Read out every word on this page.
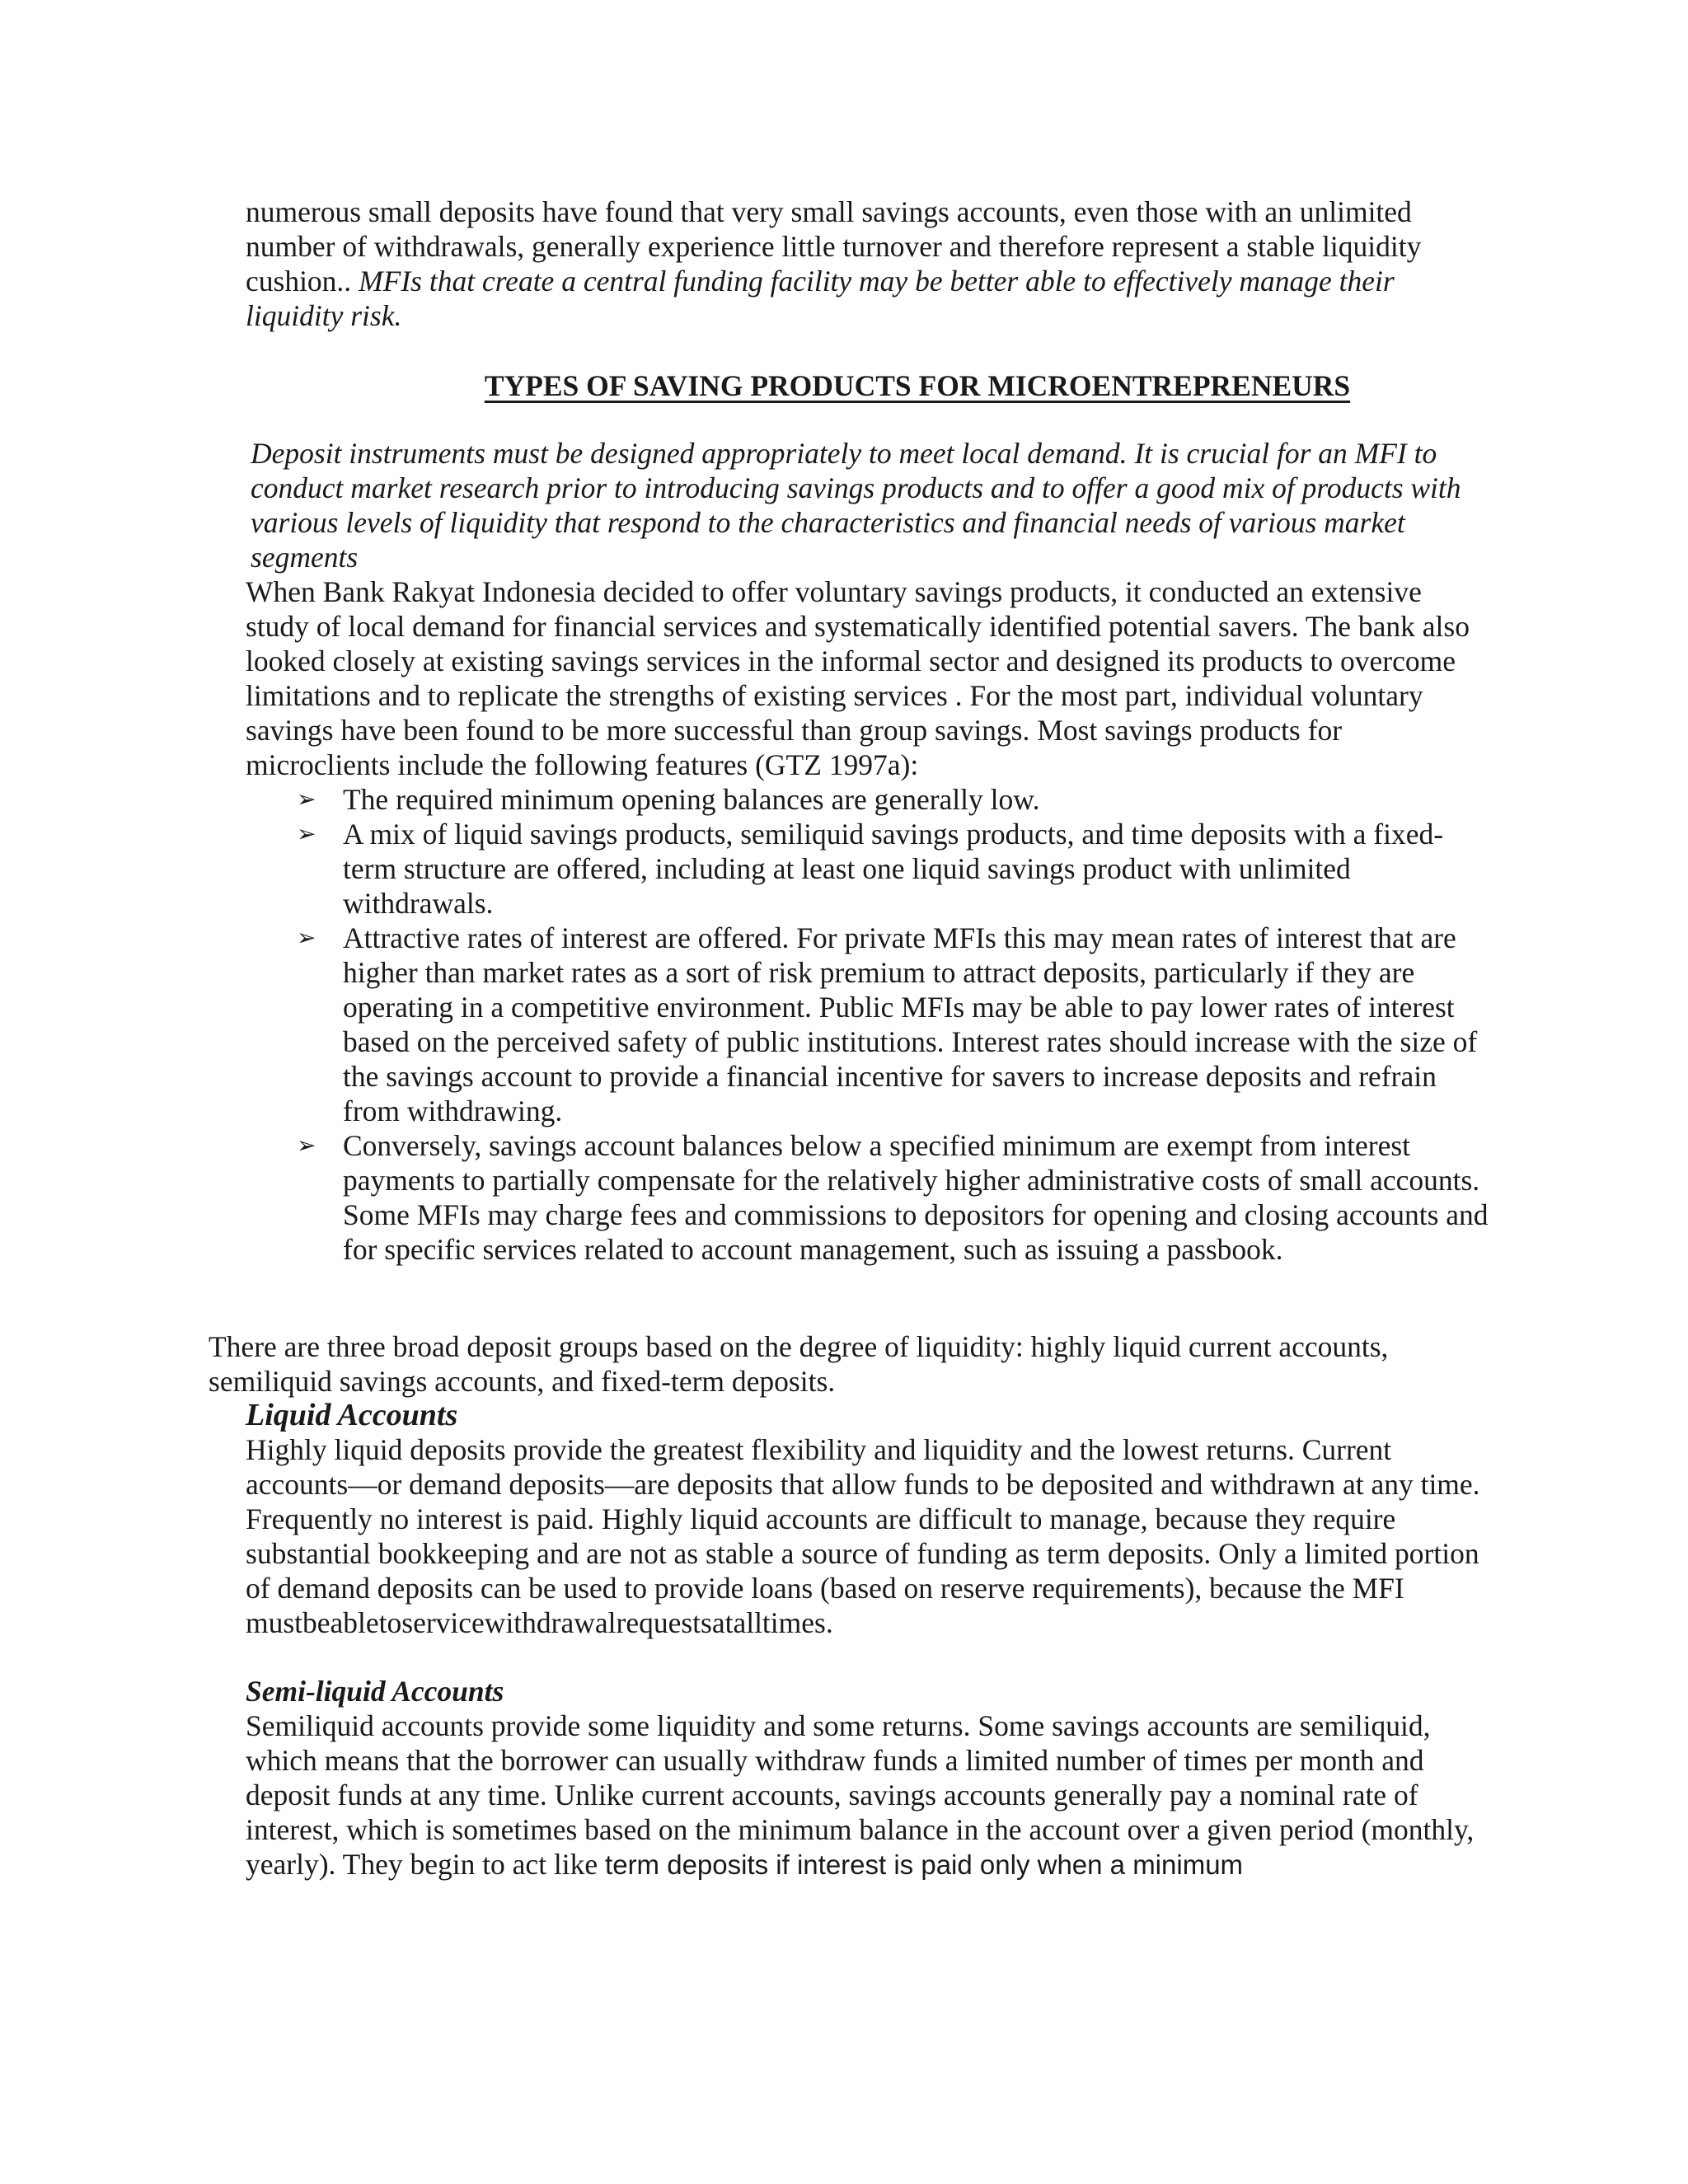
numerous small deposits have found that very small savings accounts, even those with an unlimited number of withdrawals, generally experience little turnover and therefore represent a stable liquidity cushion.. MFIs that create a central funding facility may be better able to effectively manage their liquidity risk.

TYPES OF SAVING PRODUCTS FOR MICROENTREPRENEURS

Deposit instruments must be designed appropriately to meet local demand. It is crucial for an MFI to conduct market research prior to introducing savings products and to offer a good mix of products with various levels of liquidity that respond to the characteristics and financial needs of various market segments

When Bank Rakyat Indonesia decided to offer voluntary savings products, it conducted an extensive study of local demand for financial services and systematically identified potential savers. The bank also looked closely at existing savings services in the informal sector and designed its products to overcome limitations and to replicate the strengths of existing services . For the most part, individual voluntary savings have been found to be more successful than group savings. Most savings products for microclients include the following features (GTZ 1997a):

➢ The required minimum opening balances are generally low.
➢ A mix of liquid savings products, semiliquid savings products, and time deposits with a fixed-term structure are offered, including at least one liquid savings product with unlimited withdrawals.
➢ Attractive rates of interest are offered. For private MFIs this may mean rates of interest that are higher than market rates as a sort of risk premium to attract deposits, particularly if they are operating in a competitive environment. Public MFIs may be able to pay lower rates of interest based on the perceived safety of public institutions. Interest rates should increase with the size of the savings account to provide a financial incentive for savers to increase deposits and refrain from withdrawing.
➢ Conversely, savings account balances below a specified minimum are exempt from interest payments to partially compensate for the relatively higher administrative costs of small accounts. Some MFIs may charge fees and commissions to depositors for opening and closing accounts and for specific services related to account management, such as issuing a passbook.

There are three broad deposit groups based on the degree of liquidity: highly liquid current accounts, semiliquid savings accounts, and fixed-term deposits.

Liquid Accounts

Highly liquid deposits provide the greatest flexibility and liquidity and the lowest returns. Current accounts—or demand deposits—are deposits that allow funds to be deposited and withdrawn at any time. Frequently no interest is paid. Highly liquid accounts are difficult to manage, because they require substantial bookkeeping and are not as stable a source of funding as term deposits. Only a limited portion of demand deposits can be used to provide loans (based on reserve requirements), because the MFI mustbeabletoservicewithdrawalrequestsatalltimes.

Semi-liquid Accounts

Semiliquid accounts provide some liquidity and some returns. Some savings accounts are semiliquid, which means that the borrower can usually withdraw funds a limited number of times per month and deposit funds at any time. Unlike current accounts, savings accounts generally pay a nominal rate of interest, which is sometimes based on the minimum balance in the account over a given period (monthly, yearly). They begin to act like term deposits if interest is paid only when a minimum
